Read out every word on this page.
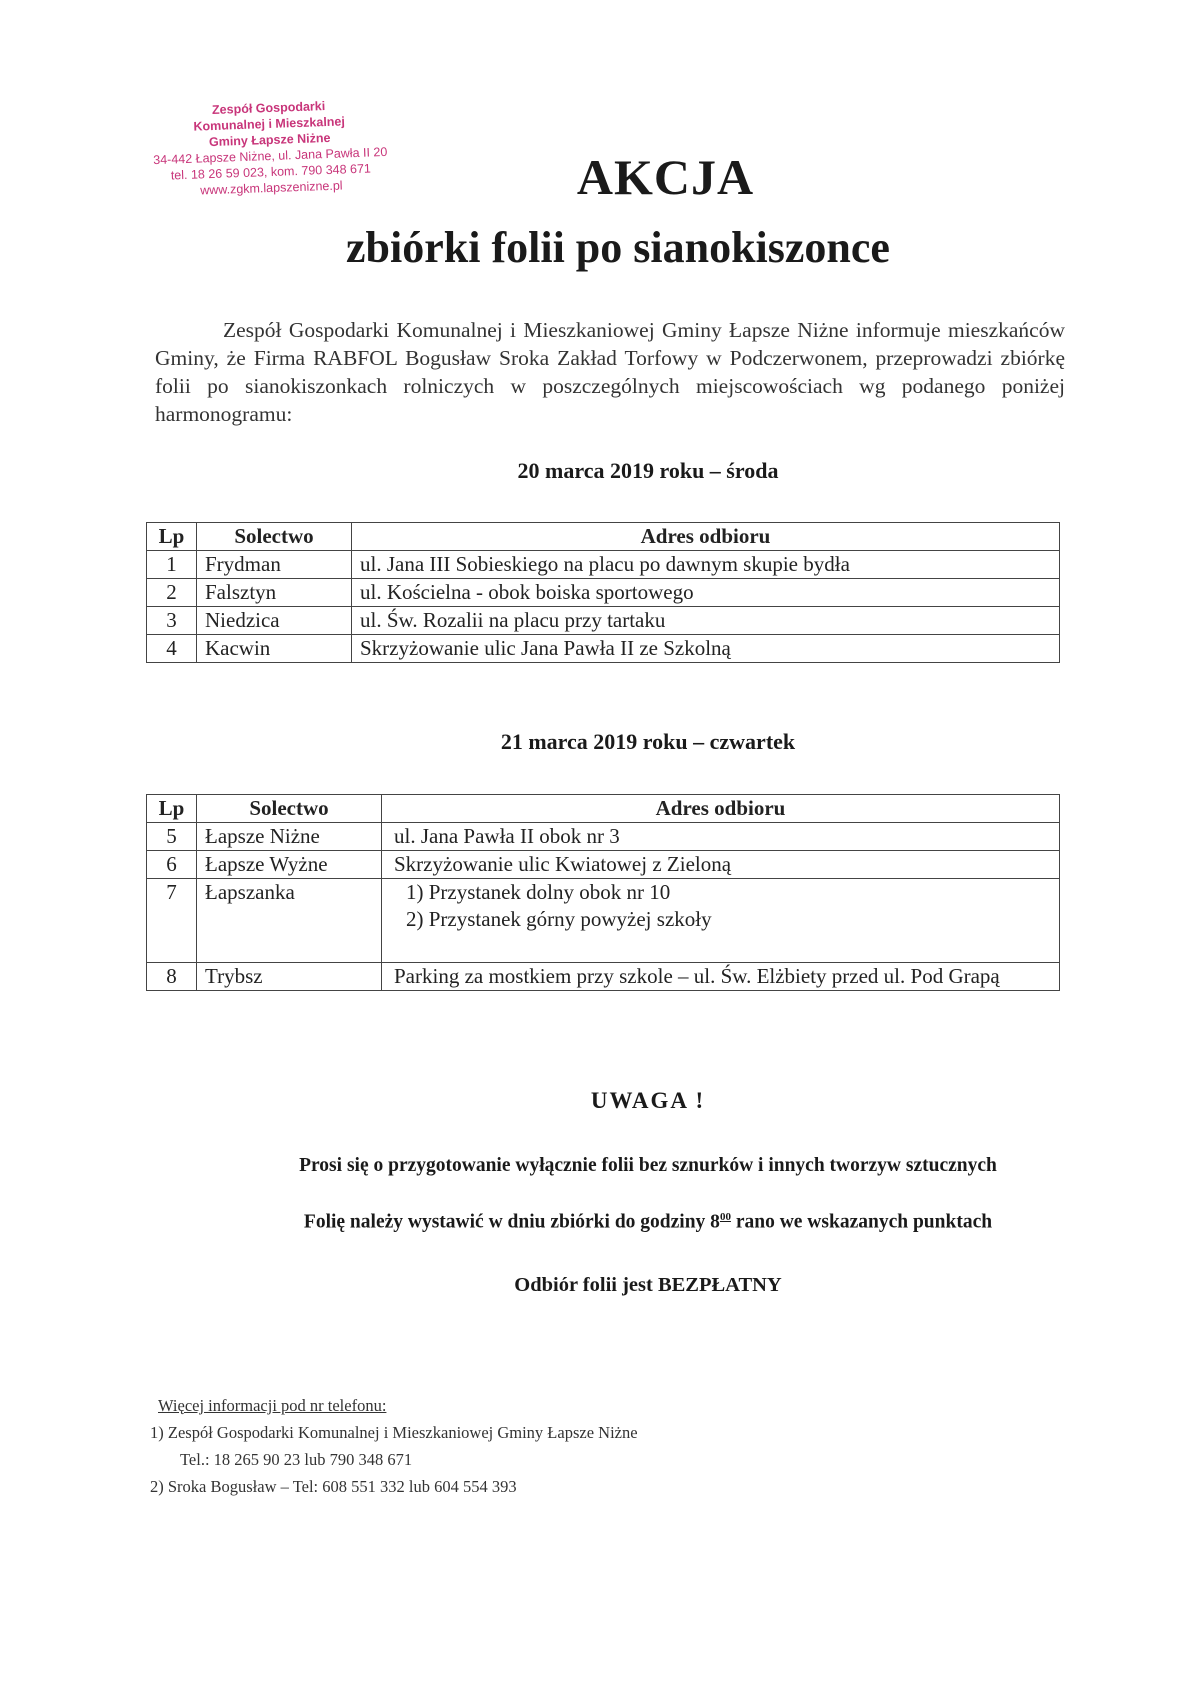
Zespół Gospodarki
Komunalnej i Mieszkalnej
Gminy Łapsze Niżne
34-442 Łapsze Niżne, ul. Jana Pawła II 20
tel. 18 26 59 023, kom. 790 348 671
www.zgkm.lapszenizne.pl	AKCJA
zbiórki folii po sianokiszonce

Zespół Gospodarki Komunalnej i Mieszkaniowej Gminy Łapsze Niżne informuje mieszkańców Gminy, że Firma RABFOL Bogusław Sroka Zakład Torfowy w Podczerwonem, przeprowadzi zbiórkę folii po sianokiszonkach rolniczych w poszczególnych miejscowościach wg podanego poniżej harmonogramu:

20 marca 2019 roku – środa
Lp	Solectwo	Adres odbioru
1	Frydman	ul. Jana III Sobieskiego na placu po dawnym skupie bydła
2	Falsztyn	ul. Kościelna - obok boiska sportowego
3	Niedzica	ul. Św. Rozalii na placu przy tartaku
4	Kacwin	Skrzyżowanie ulic Jana Pawła II ze Szkolną
21 marca 2019 roku – czwartek
Lp	Solectwo	Adres odbioru
5	Łapsze Niżne	ul. Jana Pawła II obok nr 3
6	Łapsze Wyżne	Skrzyżowanie ulic Kwiatowej z Zieloną
7	Łapszanka	1) Przystanek dolny obok nr 10
2) Przystanek górny powyżej szkoły

8	Trybsz	Parking za mostkiem przy szkole – ul. Św. Elżbiety przed ul. Pod Grapą
UWAGA !
Prosi się o przygotowanie wyłącznie folii bez sznurków i innych tworzyw sztucznych
Folię należy wystawić w dniu zbiórki do godziny $8^{00}$ rano we wskazanych punktach
Odbiór folii jest BEZPŁATNY
Więcej informacji pod nr telefonu:
1) Zespół Gospodarki Komunalnej i Mieszkaniowej Gminy Łapsze Niżne
Tel.: 18 265 90 23 lub 790 348 671
2) Sroka Bogusław – Tel: 608 551 332 lub 604 554 393
